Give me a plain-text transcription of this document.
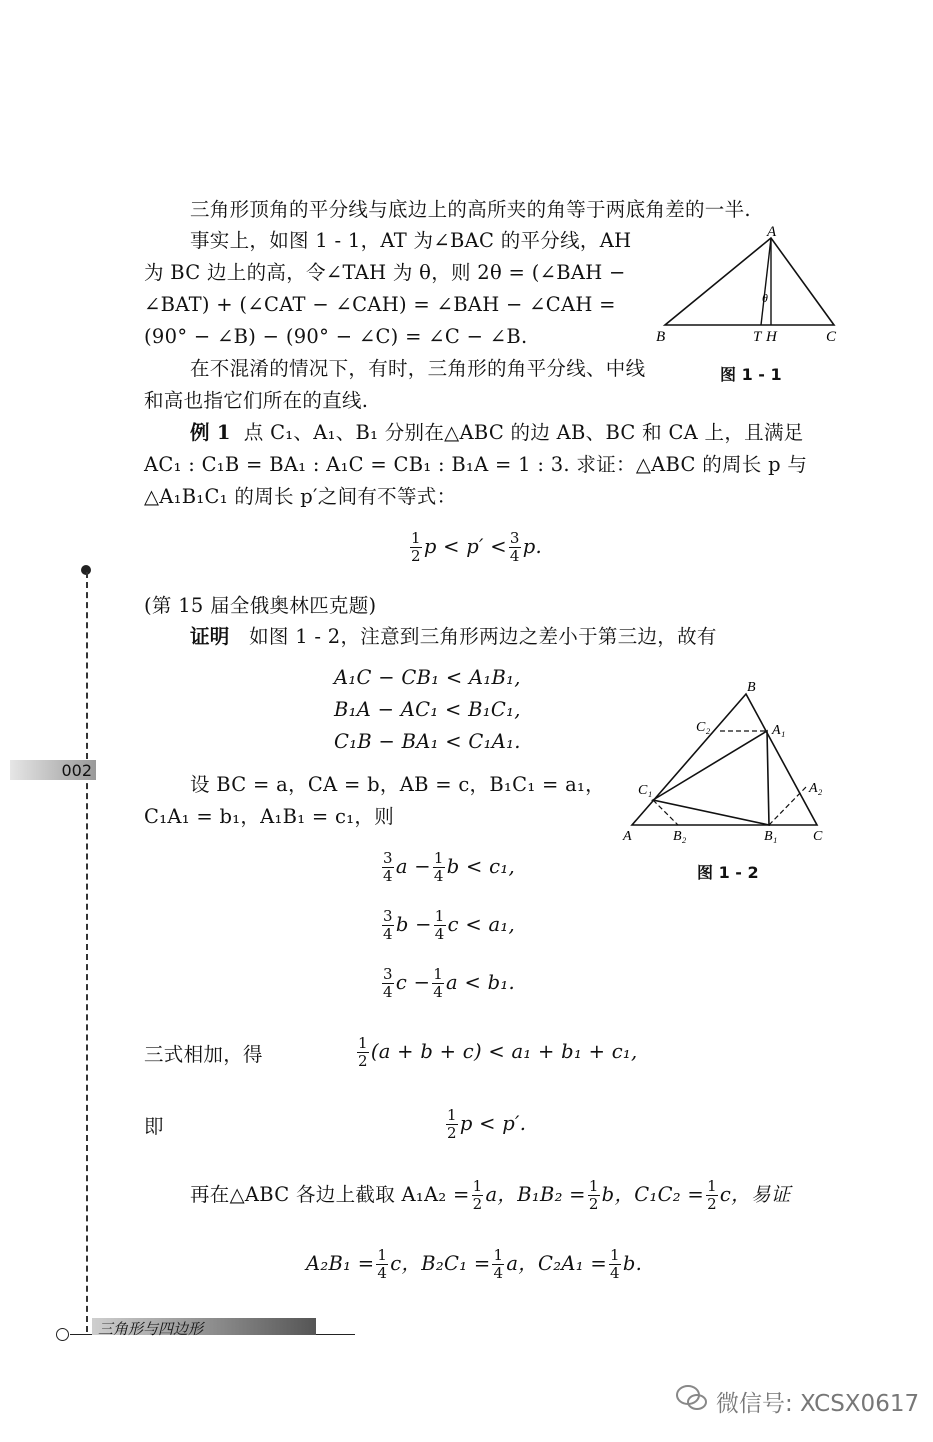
三角形顶角的平分线与底边上的高所夹的角等于两底角差的一半.
事实上，如图 1 - 1，AT 为∠BAC 的平分线，AH
为 BC 边上的高，令∠TAH 为 θ，则 2θ = (∠BAH −
∠BAT) + (∠CAT − ∠CAH) = ∠BAH − ∠CAH =
(90° − ∠B) − (90° − ∠C) = ∠C − ∠B.
在不混淆的情况下，有时，三角形的角平分线、中线
和高也指它们所在的直线.
A
B	C
T H
θ
图 1 - 1
例 1 点 C₁、A₁、B₁ 分别在△ABC 的边 AB、BC 和 CA 上，且满足
AC₁ : C₁B = BA₁ : A₁C = CB₁ : B₁A = 1 : 3. 求证：△ABC 的周长 p 与
△A₁B₁C₁ 的周长 p′之间有不等式：
$\frac{1}{2}$ $p < p' < \frac{3}{4} p$.
(第 15 届全俄奥林匹克题)
证明 如图 1 - 2，注意到三角形两边之差小于第三边，故有
A₁C − CB₁ < A₁B₁,
B₁A − AC₁ < B₁C₁,
C₁B − BA₁ < C₁A₁.
B
C₂	A₁
C₁	A₂
A	B₂	B₁	C
图 1 - 2
设 BC = a，CA = b，AB = c，B₁C₁ = a₁，
C₁A₁ = b₁，A₁B₁ = c₁，则
$\frac{3}{4}$ $a - \frac{1}{4}$ b < c₁,
$\frac{3}{4}$ $b - \frac{1}{4}$ c < a₁,
$\frac{3}{4}$ $c - \frac{1}{4}$ a < b₁.
三式相加，得	$\frac{1}{2} (a + b + c) < a_1 + b_1 + c_1$,
即	$\frac{1}{2}$ p < p′.
再在△ABC 各边上截取 $A_1A_2 = \frac{1}{2}$ a，$B_1B_2 = \frac{1}{2}$ b，$C_1C_2 = \frac{1}{2}$ c，易证
$A_2B_1 = \frac{1}{4}$ c，$B_2C_1 = \frac{1}{4}$ a，$C_2A_1 = \frac{1}{4} b$.
002
三角形与四边形
微信号: XCSX0617
